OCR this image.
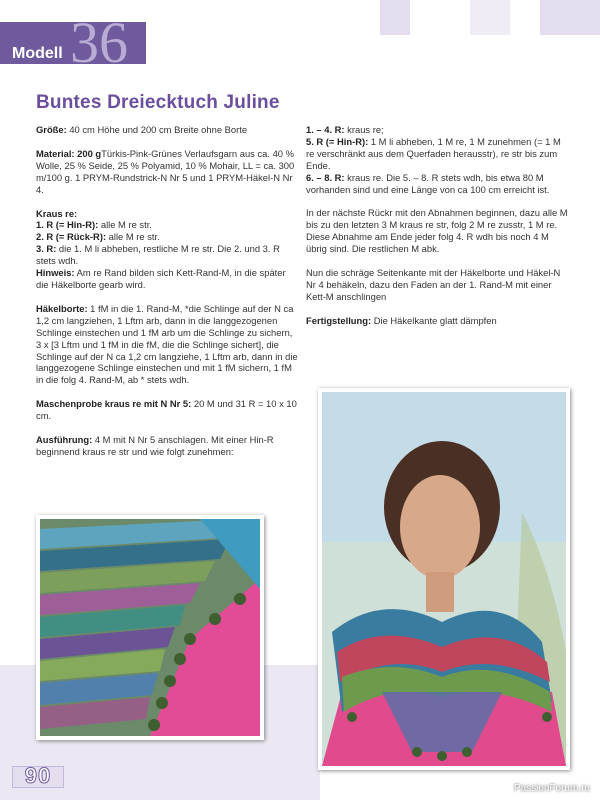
Modell 36
Buntes Dreiecktuch Juline

Größe: 40 cm Höhe und 200 cm Breite ohne Borte

Material: 200 gTürkis-Pink-Grünes Verlaufsgarn aus ca. 40 % Wolle, 25 % Seide, 25 % Polyamid, 10 % Mohair, LL = ca. 300 m/100 g. 1 PRYM-Rundstrick-N Nr 5 und 1 PRYM-Häkel-N Nr 4.

Kraus re:
1. R (= Hin-R): alle M re str.
2. R (= Rück-R): alle M re str.
3. R: die 1. M li abheben, restliche M re str. Die 2. und 3. R stets wdh.
Hinweis: Am re Rand bilden sich Kett-Rand-M, in die später die Häkelborte gearb wird.

Häkelborte: 1 fM in die 1. Rand-M, *die Schlinge auf der N ca 1,2 cm langziehen, 1 Lftm arb, dann in die langgezogenen Schlinge einstechen und 1 fM arb um die Schlinge zu sichern, 3 x [3 Lftm und 1 fM in die fM, die die Schlinge sichert], die Schlinge auf der N ca 1,2 cm langziehe, 1 Lftm arb, dann in die langgezogene Schlinge einstechen und mit 1 fM sichern, 1 fM in die folg 4. Rand-M, ab * stets wdh.

Maschenprobe kraus re mit N Nr 5: 20 M und 31 R = 10 x 10 cm.

Ausführung: 4 M mit N Nr 5 anschlagen. Mit einer Hin-R beginnend kraus re str und wie folgt zunehmen:

1. – 4. R: kraus re;
5. R (= Hin-R): 1 M li abheben, 1 M re, 1 M zunehmen (= 1 M re verschränkt aus dem Querfaden herausstr), re str bis zum Ende.
6. – 8. R: kraus re. Die 5. – 8. R stets wdh, bis etwa 80 M vorhanden sind und eine Länge von ca 100 cm erreicht ist.

In der nächste Rückr mit den Abnahmen beginnen, dazu alle M bis zu den letzten 3 M kraus re str, folg 2 M re zusstr, 1 M re. Diese Abnahme am Ende jeder folg 4. R wdh bis noch 4 M übrig sind. Die restlichen M abk.

Nun die schräge Seitenkante mit der Häkelborte und Häkel-N Nr 4 behäkeln, dazu den Faden an der 1. Rand-M mit einer Kett-M anschlingen

Fertigstellung: Die Häkelkante glatt dämpfen

90
PassionForum.ru
